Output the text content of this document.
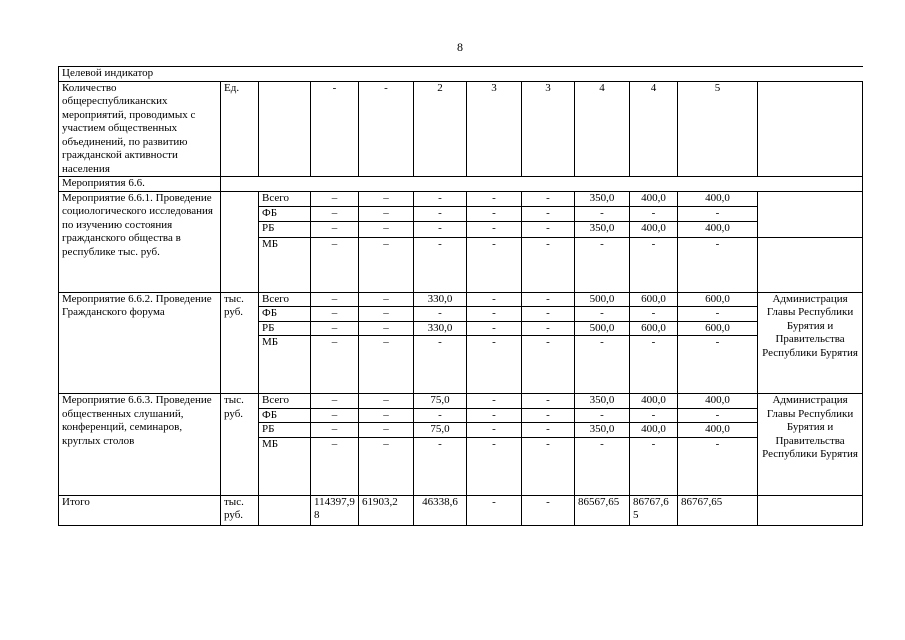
8
Целевой индикатор											
Количество общереспубликанских мероприятий, проводимых с участием общественных объединений, по развитию гражданской активности населения	Ед.		-	-	2	3	3	4	4	5	
Мероприятия 6.6.											
Мероприятие 6.6.1. Проведение социологического исследования по изучению состояния гражданского общества в республике тыс. руб.		Всего	–	–	-	-	-	350,0	400,0	400,0	
		ФБ	–	–	-	-	-	-	-	-	
		РБ	–	–	-	-	-	350,0	400,0	400,0	
		МБ	–	–	-	-	-	-	-	-	
Мероприятие 6.6.2. Проведение Гражданского форума	тыс. руб.	Всего	–	–	330,0	-	-	500,0	600,0	600,0	Администрация Главы Республики Бурятия и Правительства Республики Бурятия
		ФБ	–	–	-	-	-	-	-	-	
		РБ	–	–	330,0	-	-	500,0	600,0	600,0	
		МБ	–	–	-	-	-	-	-	-	
Мероприятие 6.6.3. Проведение общественных слушаний, конференций, семинаров, круглых столов	тыс. руб.	Всего	–	–	75,0	-	-	350,0	400,0	400,0	Администрация Главы Республики Бурятия и Правительства Республики Бурятия
		ФБ	–	–	-	-	-	-	-	-	
		РБ	–	–	75,0	-	-	350,0	400,0	400,0	
		МБ	–	–	-	-	-	-	-	-	
Итого	тыс. руб.		114397,98	61903,2	46338,6	-	-	86567,65	86767,65	86767,65	
